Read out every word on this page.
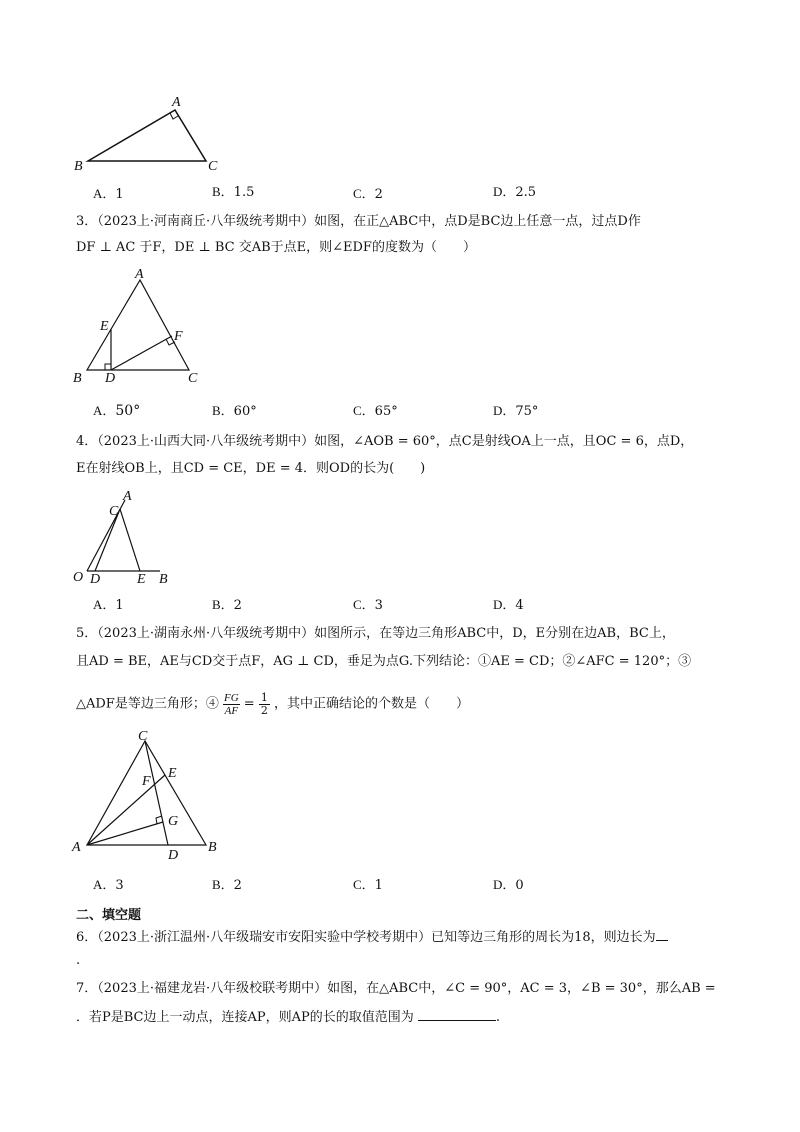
A
B	C
A．1	B．1.5	C．2	D．2.5
3．（2023上·河南商丘·八年级统考期中）如图，在正△ABC中，点D是BC边上任意一点，过点D作
DF ⊥ AC 于F，DE ⊥ BC 交AB于点E，则∠EDF的度数为（　　）
A
E
F
B D	C
A．50°	B．60°	C．65°	D．75°
4．（2023上·山西大同·八年级统考期中）如图，∠AOB = 60°，点C是射线OA上一点，且OC = 6，点D，
E在射线OB上，且CD = CE，DE = 4．则OD的长为(　　)
A
C
O D	E B
A．1	B．2	C．3	D．4
5．（2023上·湖南永州·八年级统考期中）如图所示，在等边三角形ABC中，D，E分别在边AB，BC上，
且AD = BE，AE与CD交于点F，AG ⊥ CD，垂足为点G.下列结论：①AE = CD；②∠AFC = 120°；③
△ADF是等边三角形；④ $\frac{FG}{AF} = \frac{1}{2}$ ，其中正确结论的个数是（　　）
C
F
E
G
A	B
D
A．3	B．2	C．1	D．0
二、填空题
6．（2023上·浙江温州·八年级瑞安市安阳实验中学校考期中）已知等边三角形的周长为18，则边长为
.
7．（2023上·福建龙岩·八年级校联考期中）如图，在△ABC中，∠C = 90°，AC = 3，∠B = 30°，那么AB =
．若P是BC边上一动点，连接AP，则AP的长的取值范围为	.
